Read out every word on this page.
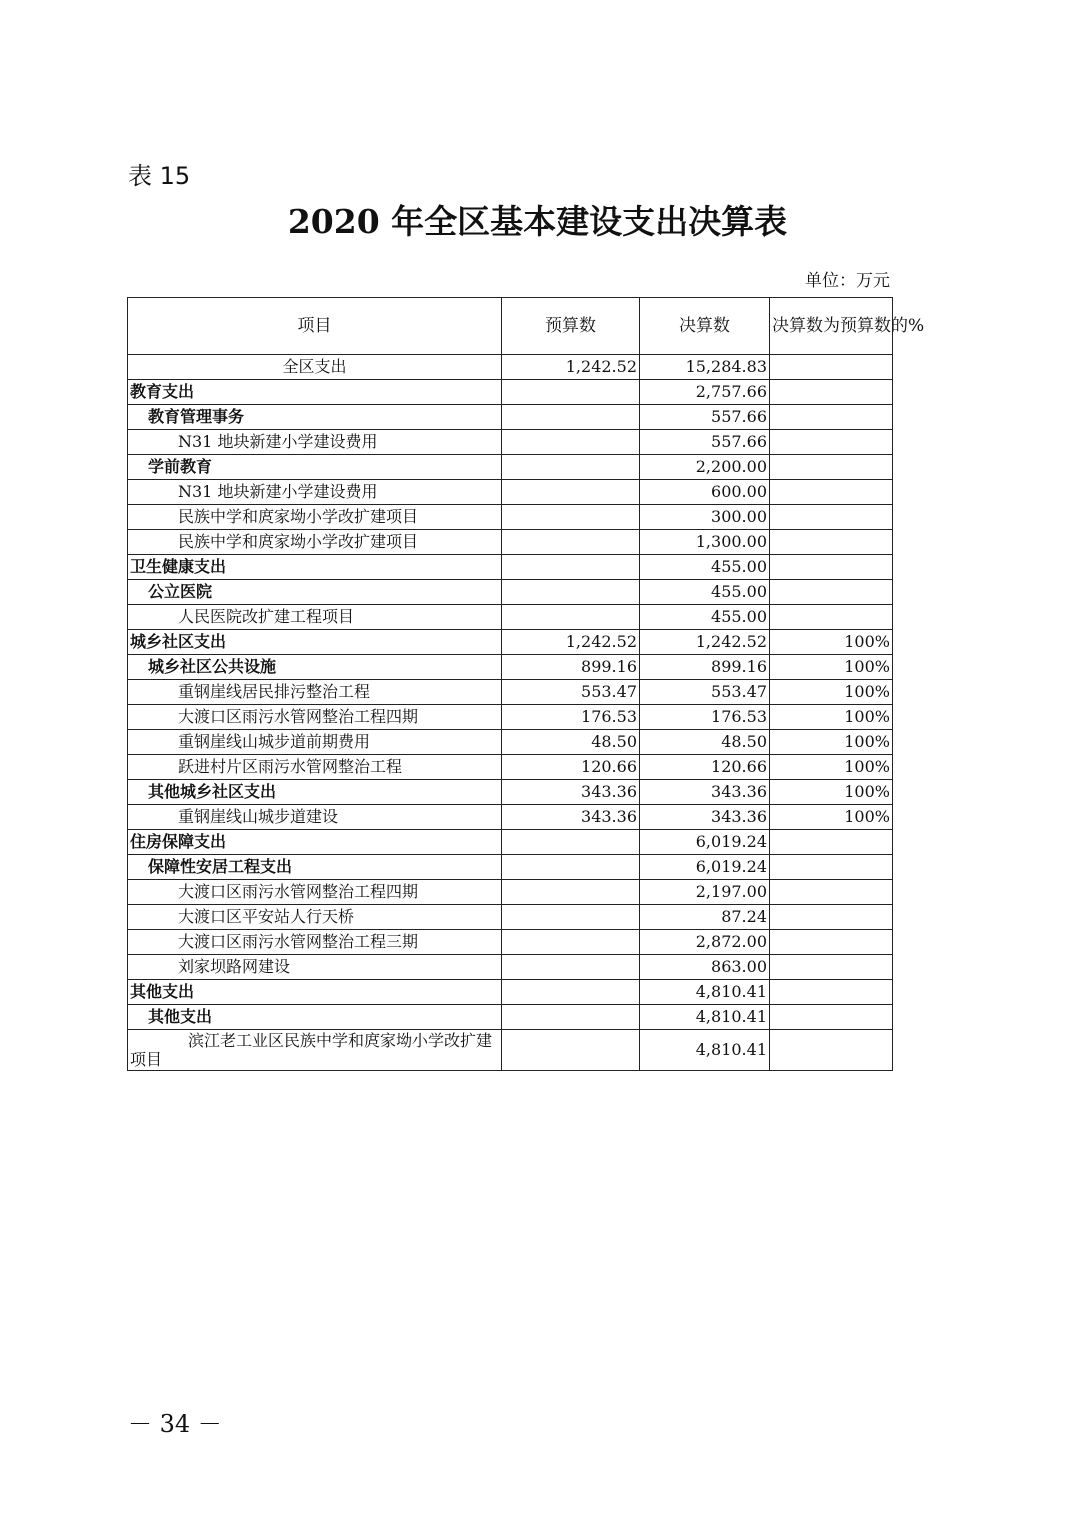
表 15
2020 年全区基本建设支出决算表
单位：万元
项目	预算数	决算数	决算数为预算数的%
全区支出	1,242.52	15,284.83	
教育支出		2,757.66	
教育管理事务		557.66	
N31 地块新建小学建设费用		557.66	
学前教育		2,200.00	
N31 地块新建小学建设费用		600.00	
民族中学和庹家坳小学改扩建项目		300.00	
民族中学和庹家坳小学改扩建项目		1,300.00	
卫生健康支出		455.00	
公立医院		455.00	
人民医院改扩建工程项目		455.00	
城乡社区支出	1,242.52	1,242.52	100%
城乡社区公共设施	899.16	899.16	100%
重钢崖线居民排污整治工程	553.47	553.47	100%
大渡口区雨污水管网整治工程四期	176.53	176.53	100%
重钢崖线山城步道前期费用	48.50	48.50	100%
跃进村片区雨污水管网整治工程	120.66	120.66	100%
其他城乡社区支出	343.36	343.36	100%
重钢崖线山城步道建设	343.36	343.36	100%
住房保障支出		6,019.24	
保障性安居工程支出		6,019.24	
大渡口区雨污水管网整治工程四期		2,197.00	
大渡口区平安站人行天桥		87.24	
大渡口区雨污水管网整治工程三期		2,872.00	
刘家坝路网建设		863.00	
其他支出		4,810.41	
其他支出		4,810.41	
滨江老工业区民族中学和庹家坳小学改扩建项目		4,810.41	
－ 34 －
